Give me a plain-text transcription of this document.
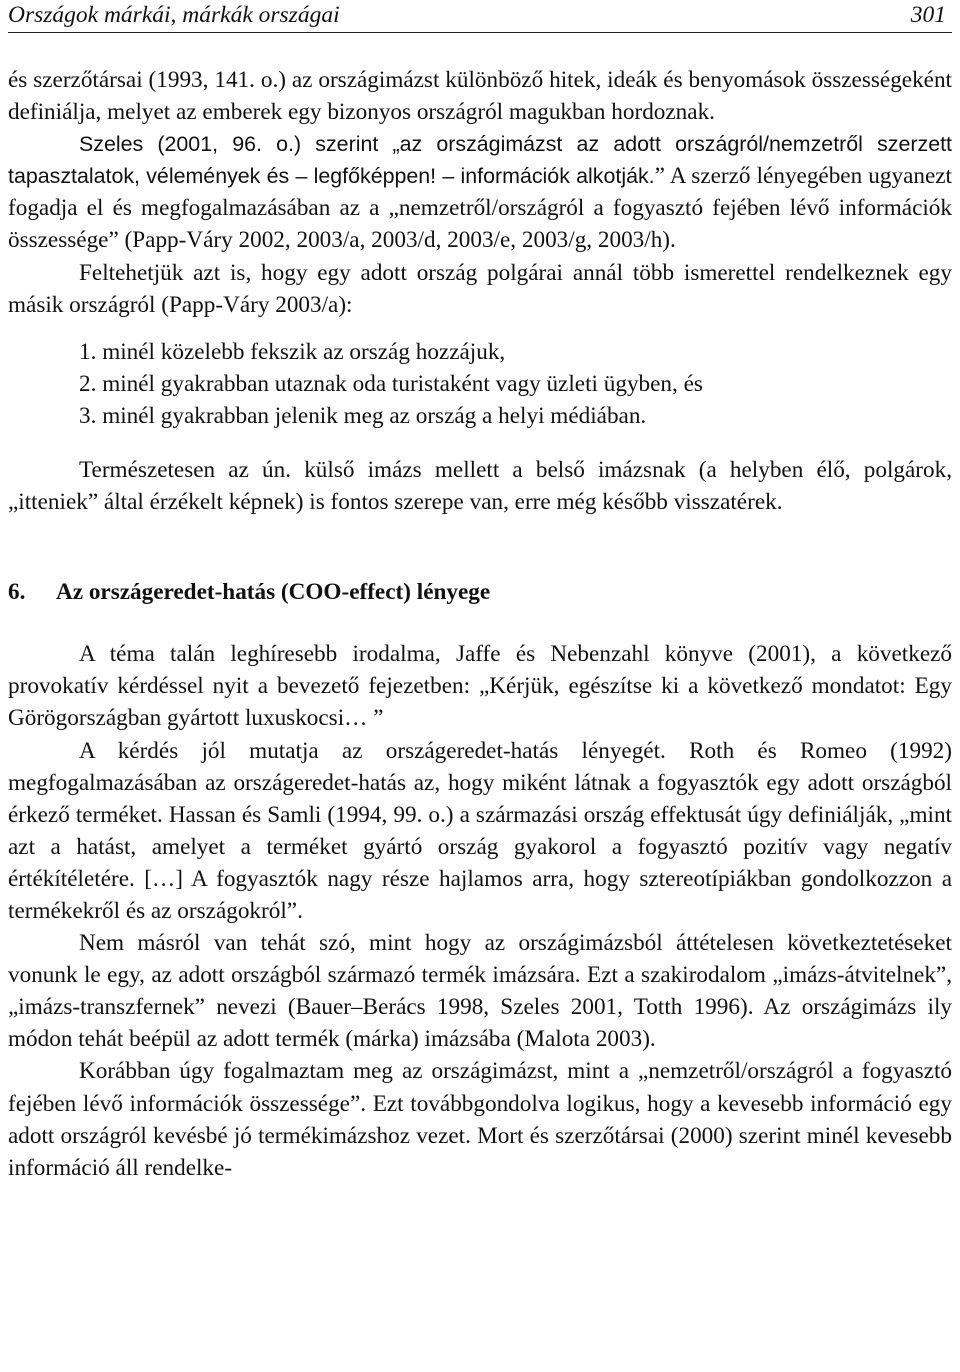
Országok márkái, márkák országai	301

és szerzőtársai (1993, 141. o.) az országimázst különböző hitek, ideák és benyomások összességeként definiálja, melyet az emberek egy bizonyos országról magukban hordoznak.

Szeles (2001, 96. o.) szerint „az országimázst az adott országról/nemzetről szerzett tapasztalatok, vélemények és – legfőképpen! – információk alkotják.” A szerző lényegében ugyanezt fogadja el és megfogalmazásában az a „nemzetről/országról a fogyasztó fejében lévő információk összessége” (Papp-Váry 2002, 2003/a, 2003/d, 2003/e, 2003/g, 2003/h).

Feltehetjük azt is, hogy egy adott ország polgárai annál több ismerettel rendelkeznek egy másik országról (Papp-Váry 2003/a):

1. minél közelebb fekszik az ország hozzájuk,
2. minél gyakrabban utaznak oda turistaként vagy üzleti ügyben, és
3. minél gyakrabban jelenik meg az ország a helyi médiában.

Természetesen az ún. külső imázs mellett a belső imázsnak (a helyben élő, polgárok, „itteniek” által érzékelt képnek) is fontos szerepe van, erre még később visszatérek.

6. Az országeredet-hatás (COO-effect) lényege

A téma talán leghíresebb irodalma, Jaffe és Nebenzahl könyve (2001), a következő provokatív kérdéssel nyit a bevezető fejezetben: „Kérjük, egészítse ki a következő mondatot: Egy Görögországban gyártott luxuskocsi… ”

A kérdés jól mutatja az országeredet-hatás lényegét. Roth és Romeo (1992) megfogalmazásában az országeredet-hatás az, hogy miként látnak a fogyasztók egy adott országból érkező terméket. Hassan és Samli (1994, 99. o.) a származási ország effektusát úgy definiálják, „mint azt a hatást, amelyet a terméket gyártó ország gyakorol a fogyasztó pozitív vagy negatív értékítéletére. […] A fogyasztók nagy része hajlamos arra, hogy sztereotípiákban gondolkozzon a termékekről és az országokról”.

Nem másról van tehát szó, mint hogy az országimázsból áttételesen következtetéseket vonunk le egy, az adott országból származó termék imázsára. Ezt a szakirodalom „imázs-átvitelnek”, „imázs-transzfernek” nevezi (Bauer–Berács 1998, Szeles 2001, Totth 1996). Az országimázs ily módon tehát beépül az adott termék (márka) imázsába (Malota 2003).

Korábban úgy fogalmaztam meg az országimázst, mint a „nemzetről/országról a fogyasztó fejében lévő információk összessége”. Ezt továbbgondolva logikus, hogy a kevesebb információ egy adott országról kevésbé jó termékimázshoz vezet. Mort és szerzőtársai (2000) szerint minél kevesebb információ áll rendelke-
